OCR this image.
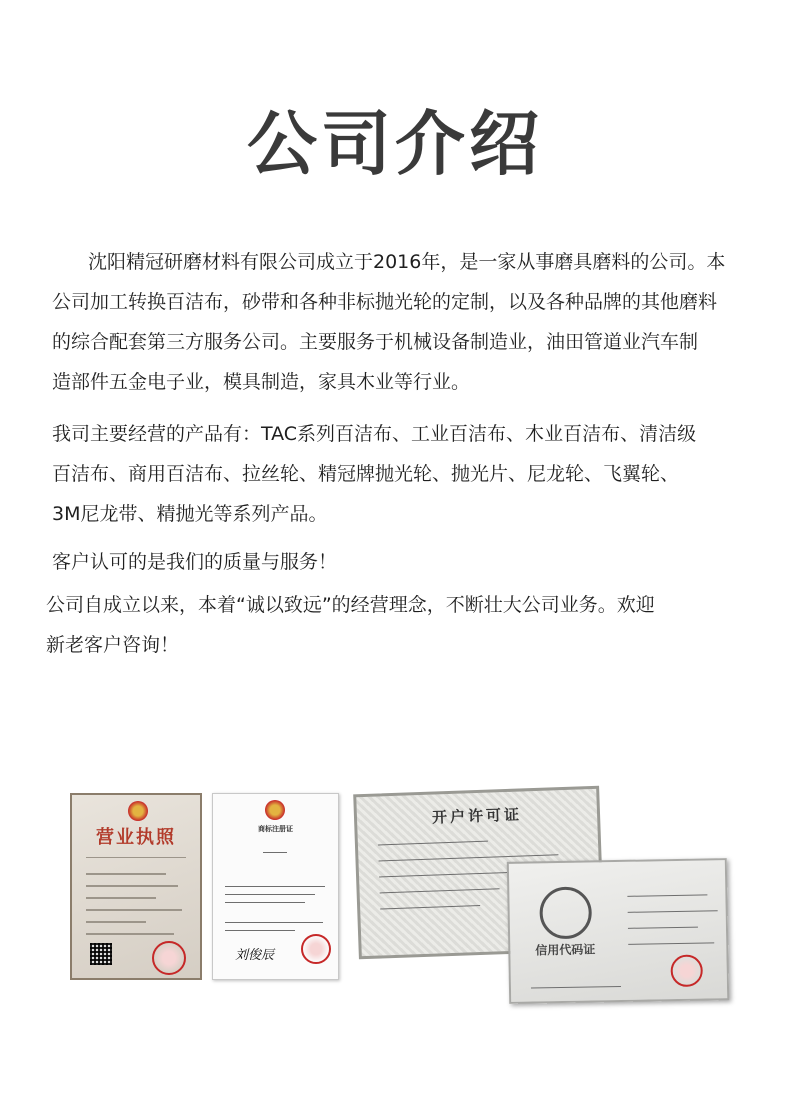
公司介绍
沈阳精冠研磨材料有限公司成立于2016年，是一家从事磨具磨料的公司。本
公司加工转换百洁布，砂带和各种非标抛光轮的定制，以及各种品牌的其他磨料
的综合配套第三方服务公司。主要服务于机械设备制造业，油田管道业汽车制
造部件五金电子业，模具制造，家具木业等行业。
我司主要经营的产品有：TAC系列百洁布、工业百洁布、木业百洁布、清洁级
百洁布、商用百洁布、拉丝轮、精冠牌抛光轮、抛光片、尼龙轮、飞翼轮、
3M尼龙带、精抛光等系列产品。
客户认可的是我们的质量与服务！
公司自成立以来，本着“诚以致远”的经营理念，不断壮大公司业务。欢迎
新老客户咨询！
营业执照	商标注册证
刘俊辰
开户许可证
信用代码证
